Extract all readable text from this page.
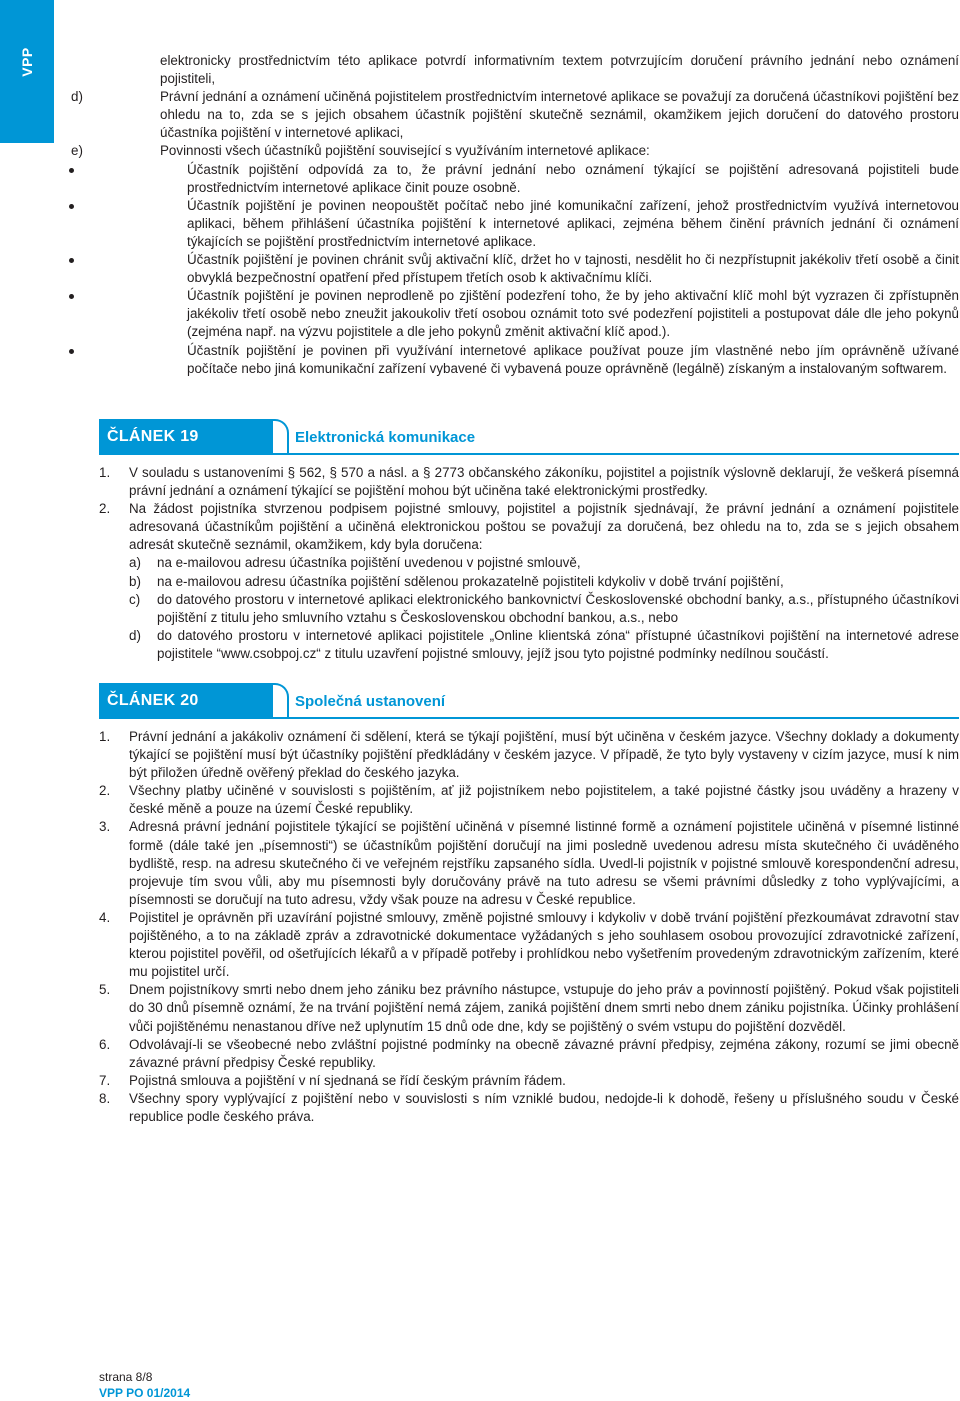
VPP	elektronicky prostřednictvím této aplikace potvrdí informativním textem potvrzujícím doručení právního jednání nebo oznámení pojistiteli,
d)	Právní jednání a oznámení učiněná pojistitelem prostřednictvím internetové aplikace se považují za doručená účastníkovi pojištění bez ohledu na to, zda se s jejich obsahem účastník pojištění skutečně seznámil, okamžikem jejich doručení do datového prostoru účastníka pojištění v internetové aplikaci,
e)	Povinnosti všech účastníků pojištění související s využíváním internetové aplikace:
Účastník pojištění odpovídá za to, že právní jednání nebo oznámení týkající se pojištění adresovaná pojistiteli bude prostřednictvím internetové aplikace činit pouze osobně.
Účastník pojištění je povinen neopouštět počítač nebo jiné komunikační zařízení, jehož prostřednictvím využívá internetovou aplikaci, během přihlášení účastníka pojištění k internetové aplikaci, zejména během činění právních jednání či oznámení týkajících se pojištění prostřednictvím internetové aplikace.
Účastník pojištění je povinen chránit svůj aktivační klíč, držet ho v tajnosti, nesdělit ho či nezpřístupnit jakékoliv třetí osobě a činit obvyklá bezpečnostní opatření před přístupem třetích osob k aktivačnímu klíči.
Účastník pojištění je povinen neprodleně po zjištění podezření toho, že by jeho aktivační klíč mohl být vyzrazen či zpřístupněn jakékoliv třetí osobě nebo zneužit jakoukoliv třetí osobou oznámit toto své podezření pojistiteli a postupovat dále dle jeho pokynů (zejména např. na výzvu pojistitele a dle jeho pokynů změnit aktivační klíč apod.).
Účastník pojištění je povinen při využívání internetové aplikace používat pouze jím vlastněné nebo jím oprávněně užívané počítače nebo jiná komunikační zařízení vybavené či vybavená pouze oprávněně (legálně) získaným a instalovaným softwarem.
ČLÁNEK 19	Elektronická komunikace
1. V souladu s ustanoveními § 562, § 570 a násl. a § 2773 občanského zákoníku, pojistitel a pojistník výslovně deklarují, že veškerá písemná právní jednání a oznámení týkající se pojištění mohou být učiněna také elektronickými prostředky.
2. Na žádost pojistníka stvrzenou podpisem pojistné smlouvy, pojistitel a pojistník sjednávají, že právní jednání a oznámení pojistitele adresovaná účastníkům pojištění a učiněná elektronickou poštou se považují za doručená, bez ohledu na to, zda se s jejich obsahem adresát skutečně seznámil, okamžikem, kdy byla doručena:
a) na e-mailovou adresu účastníka pojištění uvedenou v pojistné smlouvě,
b) na e-mailovou adresu účastníka pojištění sdělenou prokazatelně pojistiteli kdykoliv v době trvání pojištění,
c) do datového prostoru v internetové aplikaci elektronického bankovnictví Československé obchodní banky, a.s., přístupného účastníkovi pojištění z titulu jeho smluvního vztahu s Československou obchodní bankou, a.s., nebo
d) do datového prostoru v internetové aplikaci pojistitele „Online klientská zóna“ přístupné účastníkovi pojištění na internetové adrese pojistitele “www.csobpoj.cz“ z titulu uzavření pojistné smlouvy, jejíž jsou tyto pojistné podmínky nedílnou součástí.
ČLÁNEK 20	Společná ustanovení
1. Právní jednání a jakákoliv oznámení či sdělení, která se týkají pojištění, musí být učiněna v českém jazyce. Všechny doklady a dokumenty týkající se pojištění musí být účastníky pojištění předkládány v českém jazyce. V případě, že tyto byly vystaveny v cizím jazyce, musí k nim být přiložen úředně ověřený překlad do českého jazyka.
2. Všechny platby učiněné v souvislosti s pojištěním, ať již pojistníkem nebo pojistitelem, a také pojistné částky jsou uváděny a hrazeny v české měně a pouze na území České republiky.
3. Adresná právní jednání pojistitele týkající se pojištění učiněná v písemné listinné formě a oznámení pojistitele učiněná v písemné listinné formě (dále také jen „písemnosti“) se účastníkům pojištění doručují na jimi posledně uvedenou adresu místa skutečného či uváděného bydliště, resp. na adresu skutečného či ve veřejném rejstříku zapsaného sídla. Uvedl-li pojistník v pojistné smlouvě korespondenční adresu, projevuje tím svou vůli, aby mu písemnosti byly doručovány právě na tuto adresu se všemi právními důsledky z toho vyplývajícími, a písemnosti se doručují na tuto adresu, vždy však pouze na adresu v České republice.
4. Pojistitel je oprávněn při uzavírání pojistné smlouvy, změně pojistné smlouvy i kdykoliv v době trvání pojištění přezkoumávat zdravotní stav pojištěného, a to na základě zpráv a zdravotnické dokumentace vyžádaných s jeho souhlasem osobou provozující zdravotnické zařízení, kterou pojistitel pověřil, od ošetřujících lékařů a v případě potřeby i prohlídkou nebo vyšetřením provedeným zdravotnickým zařízením, které mu pojistitel určí.
5. Dnem pojistníkovy smrti nebo dnem jeho zániku bez právního nástupce, vstupuje do jeho práv a povinností pojištěný. Pokud však pojistiteli do 30 dnů písemně oznámí, že na trvání pojištění nemá zájem, zaniká pojištění dnem smrti nebo dnem zániku pojistníka. Účinky prohlášení vůči pojištěnému nenastanou dříve než uplynutím 15 dnů ode dne, kdy se pojištěný o svém vstupu do pojištění dozvěděl.
6. Odvolávají-li se všeobecné nebo zvláštní pojistné podmínky na obecně závazné právní předpisy, zejména zákony, rozumí se jimi obecně závazné právní předpisy České republiky.
7. Pojistná smlouva a pojištění v ní sjednaná se řídí českým právním řádem.
8. Všechny spory vyplývající z pojištění nebo v souvislosti s ním vzniklé budou, nedojde-li k dohodě, řešeny u příslušného soudu v České republice podle českého práva.
strana 8/8
VPP PO 01/2014
